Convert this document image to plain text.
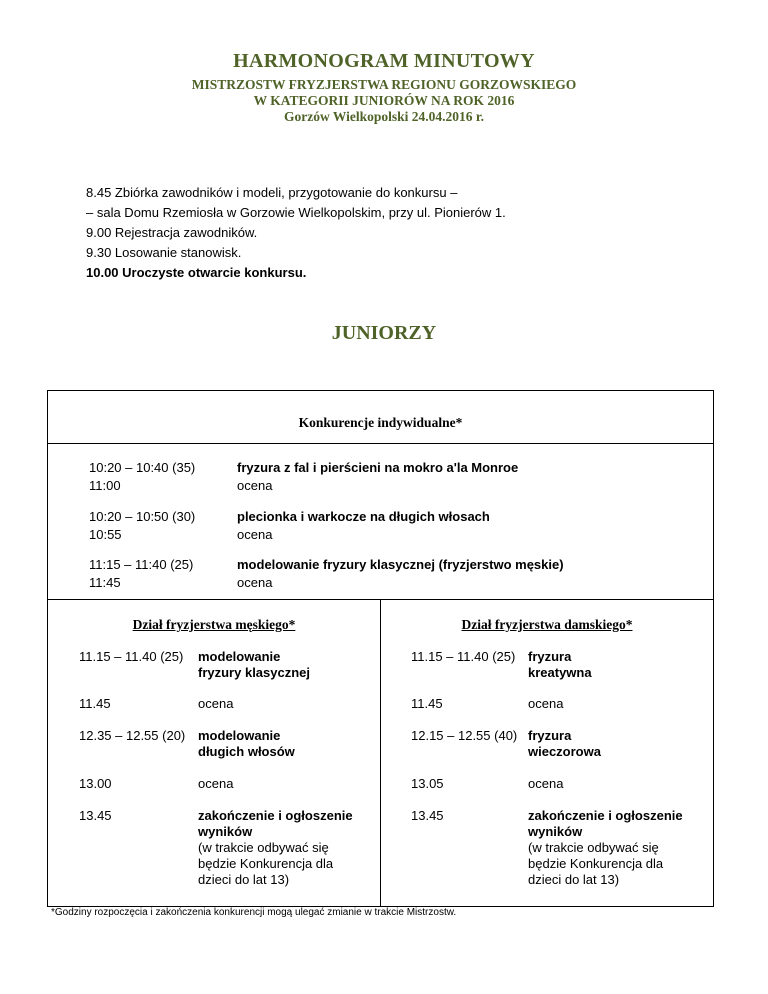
HARMONOGRAM MINUTOWY
MISTRZOSTW FRYZJERSTWA REGIONU GORZOWSKIEGO
W KATEGORII JUNIORÓW NA ROK 2016
Gorzów Wielkopolski 24.04.2016 r.
8.45 Zbiórka zawodników i modeli, przygotowanie do konkursu –
– sala Domu Rzemiosła w Gorzowie Wielkopolskim, przy ul. Pionierów 1.
9.00 Rejestracja zawodników.
9.30 Losowanie stanowisk.
10.00 Uroczyste otwarcie konkursu.
JUNIORZY
Konkurencje indywidualne*
10:20 – 10:40 (35)	fryzura z fal i pierścieni na mokro a'la Monroe
11:00	ocena
10:20 – 10:50 (30)	plecionka i warkocze na długich włosach
10:55	ocena
11:15 – 11:40 (25)	modelowanie fryzury klasycznej (fryzjerstwo męskie)
11:45	ocena
Dział fryzjerstwa męskiego*	Dział fryzjerstwa damskiego*
11.15 – 11.40 (25) modelowanie
fryzury klasycznej
11.45	ocena
12.35 – 12.55 (20) modelowanie
długich włosów
13.00	ocena
13.45	zakończenie i ogłoszenie
wyników
(w trakcie odbywać się
będzie Konkurencja dla
dzieci do lat 13)
11.15 – 11.40 (25) fryzura
kreatywna
11.45	ocena
12.15 – 12.55 (40) fryzura
wieczorowa
13.05	ocena
13.45	zakończenie i ogłoszenie
wyników
(w trakcie odbywać się
będzie Konkurencja dla
dzieci do lat 13)
*Godziny rozpoczęcia i zakończenia konkurencji mogą ulegać zmianie w trakcie Mistrzostw.
